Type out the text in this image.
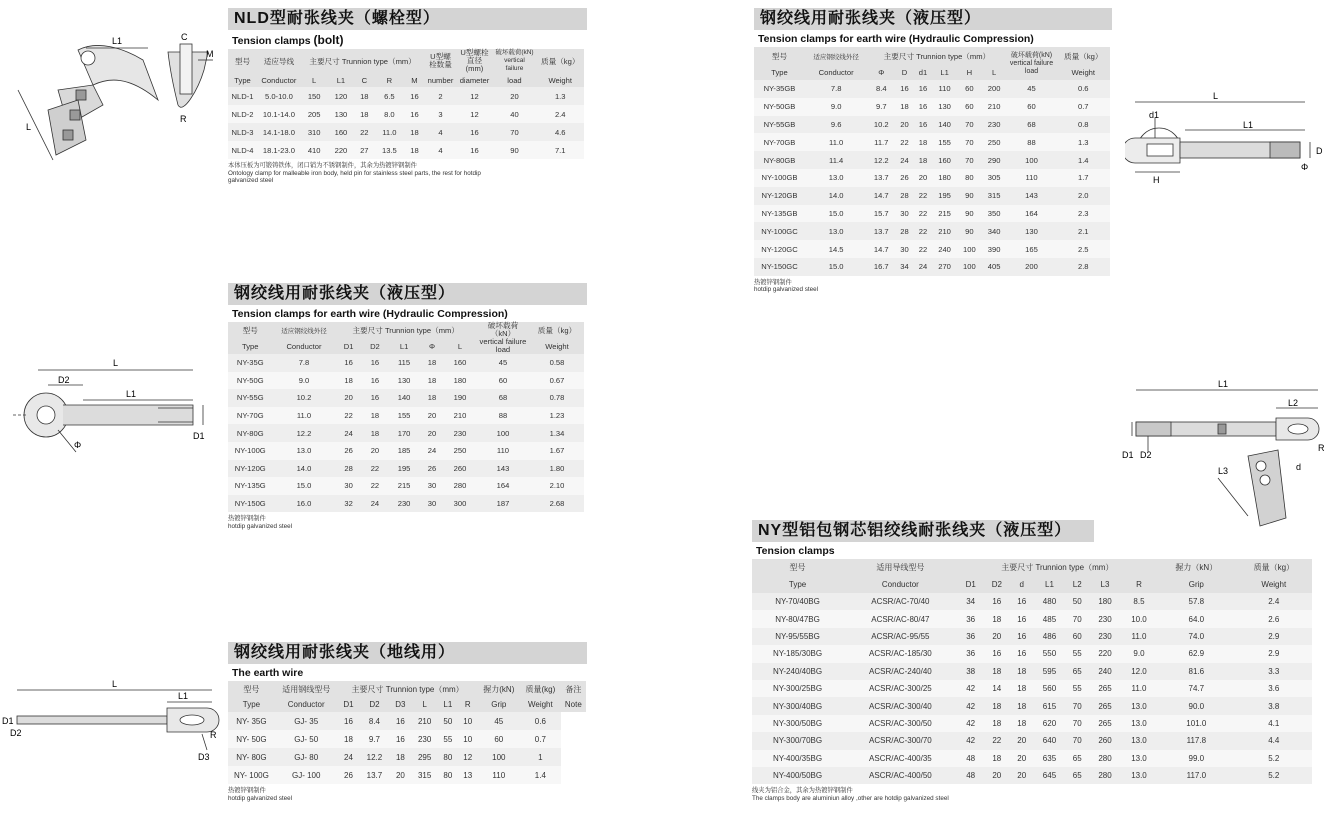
L1
L
C
M
R
NLD型耐张线夹（螺栓型）
Tension clamps (bolt)
型号	适应导线	主要尺寸 Trunnion type（mm）					U型螺栓数量	U型螺栓直径(mm)	破坏载荷(kN) vertical failure	质量（kg）
Type	Conductor	L	L1	C	R	M	number	diameter	load	Weight
NLD-1	5.0-10.0	150	120	18	6.5	16	2	12	20	1.3
NLD-2	10.1-14.0	205	130	18	8.0	16	3	12	40	2.4
NLD-3	14.1-18.0	310	160	22	11.0	18	4	16	70	4.6
NLD-4	18.1-23.0	410	220	27	13.5	18	4	16	90	7.1
本体压板为可锻铸铁体，闭口销为不锈钢制件，其余为热镀锌钢制件
Ontology clamp for malleable iron body, held pin for stainless steel parts, the rest for hotdip
galvanized steel
L
D2
L1
D1
Φ
钢绞线用耐张线夹（液压型）
Tension clamps for earth wire (Hydraulic Compression)
型号	适应钢绞线外径	主要尺寸 Trunnion type（mm）					破坏载荷（kN） vertical failure load	质量（kg）
Type	Conductor	D1	D2	L1	Φ	L		Weight
NY-35G	7.8	16	16	115	18	160	45	0.58
NY-50G	9.0	18	16	130	18	180	60	0.67
NY-55G	10.2	20	16	140	18	190	68	0.78
NY-70G	11.0	22	18	155	20	210	88	1.23
NY-80G	12.2	24	18	170	20	230	100	1.34
NY-100G	13.0	26	20	185	24	250	110	1.67
NY-120G	14.0	28	22	195	26	260	143	1.80
NY-135G	15.0	30	22	215	30	280	164	2.10
NY-150G	16.0	32	24	230	30	300	187	2.68
热镀锌钢制件
hotdip galvanized steel
L
L1
D1
D2	R
D3
钢绞线用耐张线夹（地线用）
The earth wire
型号	适用钢线型号	主要尺寸 Trunnion type（mm）						握力(kN)	质量(kg)	备注
Type	Conductor	D1	D2	D3	L	L1	R	Grip	Weight	Note
NY- 35G	GJ- 35	16	8.4	16	210	50	10	45	0.6	
NY- 50G	GJ- 50	18	9.7	16	230	55	10	60	0.7	
NY- 80G	GJ- 80	24	12.2	18	295	80	12	100	1	
NY- 100G	GJ- 100	26	13.7	20	315	80	13	110	1.4	
热镀锌钢制件
hotdip galvanized steel
钢绞线用耐张线夹（液压型）
Tension clamps for earth wire (Hydraulic Compression)
型号	适应钢绞线外径	主要尺寸 Trunnion type（mm）						破坏载荷(kN) vertical failure load	质量（kg）
Type	Conductor	Φ	D	d1	L1	H	L		Weight
NY-35GB	7.8	8.4	16	16	110	60	200	45	0.6
NY-50GB	9.0	9.7	18	16	130	60	210	60	0.7
NY-55GB	9.6	10.2	20	16	140	70	230	68	0.8
NY-70GB	11.0	11.7	22	18	155	70	250	88	1.3
NY-80GB	11.4	12.2	24	18	160	70	290	100	1.4
NY-100GB	13.0	13.7	26	20	180	80	305	110	1.7
NY-120GB	14.0	14.7	28	22	195	90	315	143	2.0
NY-135GB	15.0	15.7	30	22	215	90	350	164	2.3
NY-100GC	13.0	13.7	28	22	210	90	340	130	2.1
NY-120GC	14.5	14.7	30	22	240	100	390	165	2.5
NY-150GC	15.0	16.7	34	24	270	100	405	200	2.8
热镀锌钢制件
hotdip galvanized steel
L
d1
L1
D
Φ
H
L1
L2
D1 D2
R
d
L3
NY型铝包钢芯铝绞线耐张线夹（液压型）
Tension clamps
型号	适用导线型号	主要尺寸 Trunnion type（mm）							握力（kN）	质量（kg）
Type	Conductor	D1	D2	d	L1	L2	L3	R	Grip	Weight
NY-70/40BG	ACSR/AC-70/40	34	16	16	480	50	180	8.5	57.8	2.4
NY-80/47BG	ACSR/AC-80/47	36	18	16	485	70	230	10.0	64.0	2.6
NY-95/55BG	ACSR/AC-95/55	36	20	16	486	60	230	11.0	74.0	2.9
NY-185/30BG	ACSR/AC-185/30	36	16	16	550	55	220	9.0	62.9	2.9
NY-240/40BG	ACSR/AC-240/40	38	18	18	595	65	240	12.0	81.6	3.3
NY-300/25BG	ACSR/AC-300/25	42	14	18	560	55	265	11.0	74.7	3.6
NY-300/40BG	ACSR/AC-300/40	42	18	18	615	70	265	13.0	90.0	3.8
NY-300/50BG	ACSR/AC-300/50	42	18	18	620	70	265	13.0	101.0	4.1
NY-300/70BG	ACSR/AC-300/70	42	22	20	640	70	260	13.0	117.8	4.4
NY-400/35BG	ASCR/AC-400/35	48	18	20	635	65	280	13.0	99.0	5.2
NY-400/50BG	ASCR/AC-400/50	48	20	20	645	65	280	13.0	117.0	5.2
线夹为铝合金，其余为热镀锌钢制件
The clamps body are aluminiun alloy ,other are hotdip galvanized steel
